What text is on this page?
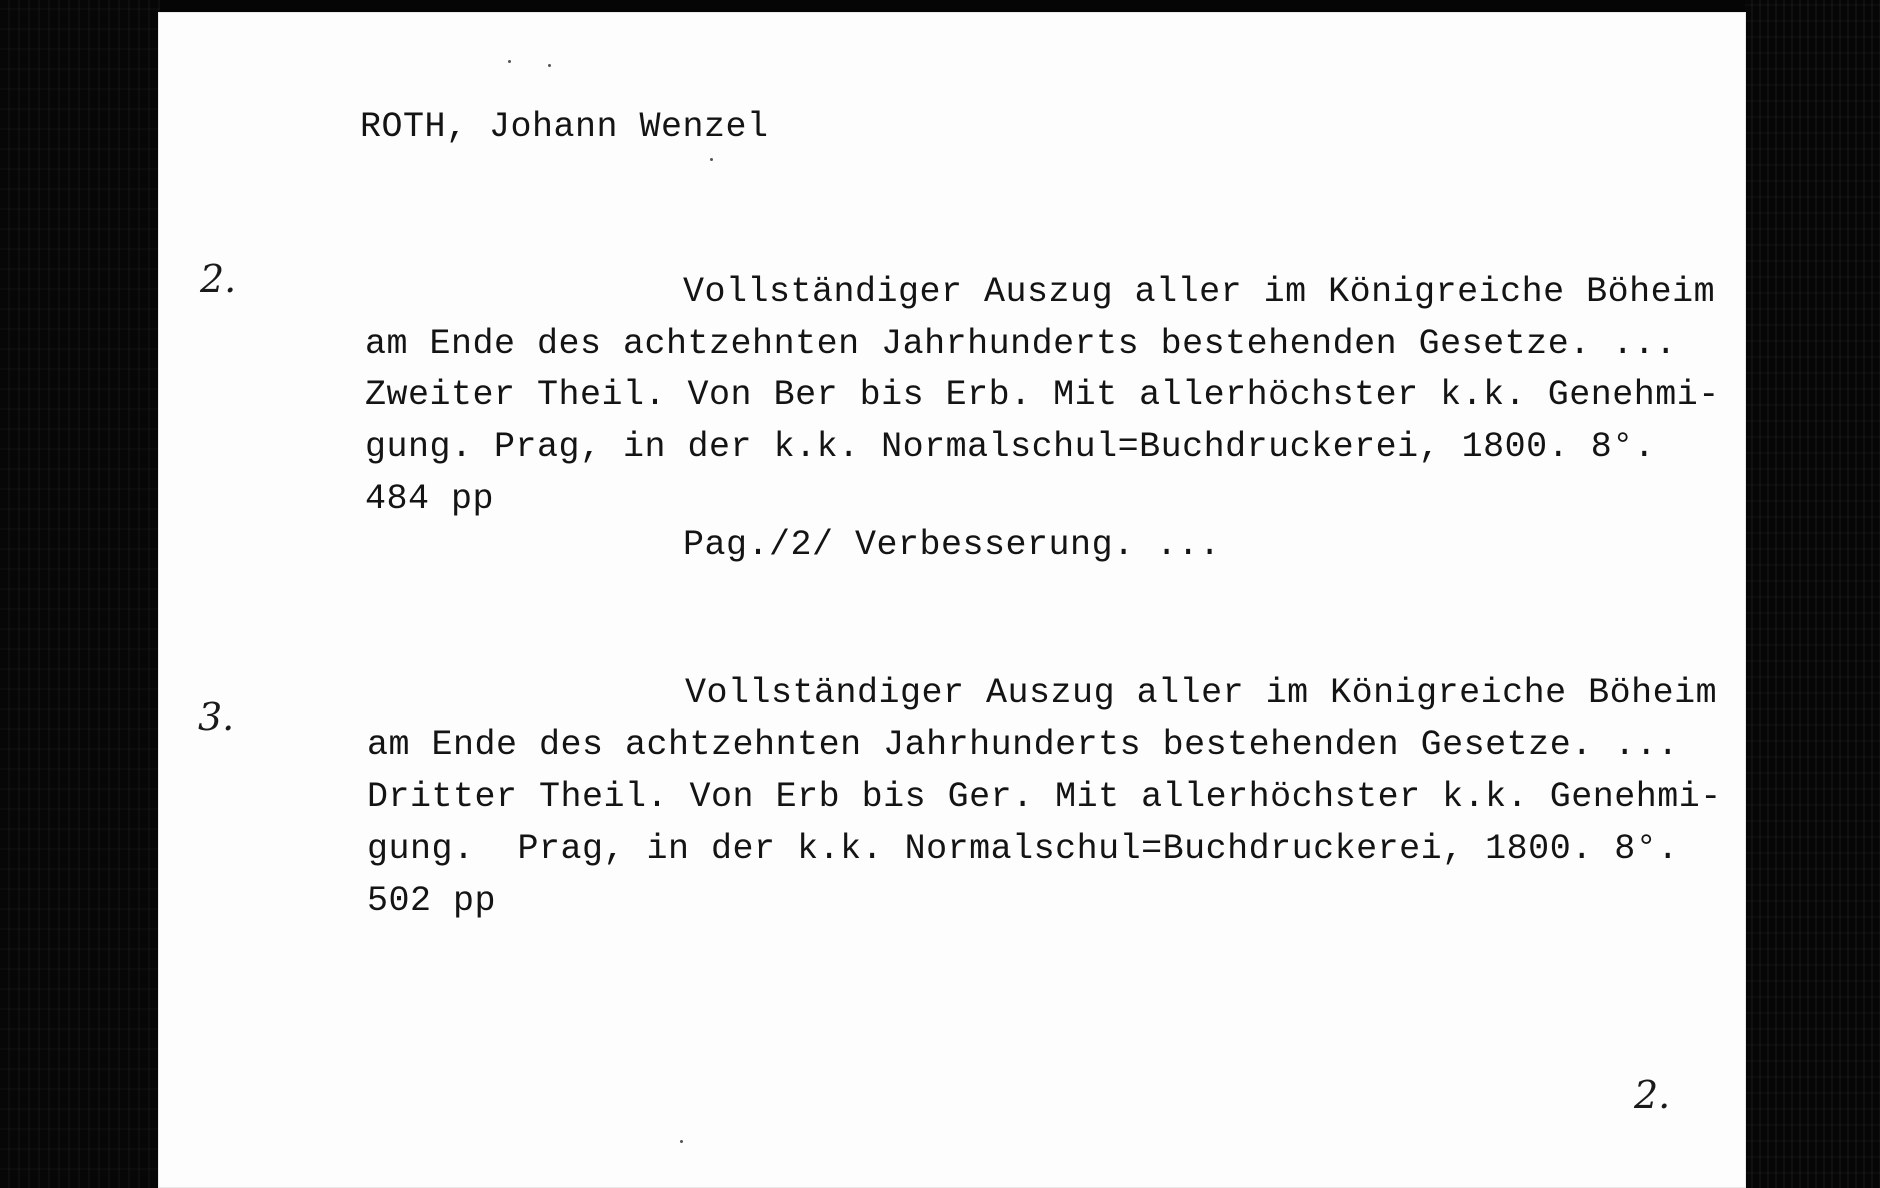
ROTH, Johann Wenzel
2.	Vollständiger Auszug aller im Königreiche Böheim
am Ende des achtzehnten Jahrhunderts bestehenden Gesetze. ...
Zweiter Theil. Von Ber bis Erb. Mit allerhöchster k.k. Genehmi-
gung. Prag, in der k.k. Normalschul=Buchdruckerei, 1800. 8°.
484 pp
Pag./2/ Verbesserung. ...
3.
Vollständiger Auszug aller im Königreiche Böheim
am Ende des achtzehnten Jahrhunderts bestehenden Gesetze. ...
Dritter Theil. Von Erb bis Ger. Mit allerhöchster k.k. Genehmi-
gung.  Prag, in der k.k. Normalschul=Buchdruckerei, 1800. 8°.
502 pp
2.
